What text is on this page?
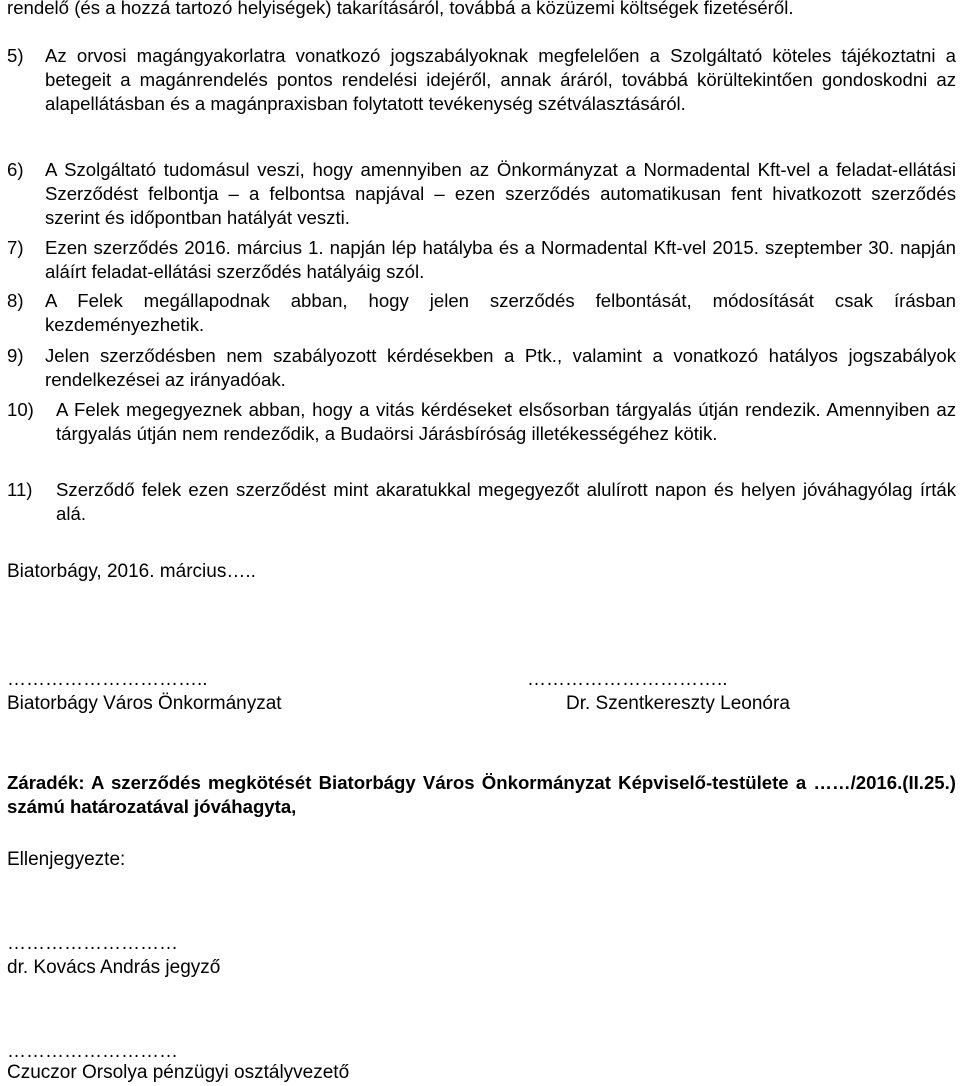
rendelő (és a hozzá tartozó helyiségek) takarításáról, továbbá a közüzemi költségek fizetéséről.
5) Az orvosi magángyakorlatra vonatkozó jogszabályoknak megfelelően a Szolgáltató köteles tájékoztatni a betegeit a magánrendelés pontos rendelési idejéről, annak áráról, továbbá körültekintően gondoskodni az alapellátásban és a magánpraxisban folytatott tevékenység szétválasztásáról.
6) A Szolgáltató tudomásul veszi, hogy amennyiben az Önkormányzat a Normadental Kft-vel a feladat-ellátási Szerződést felbontja – a felbontsa napjával – ezen szerződés automatikusan fent hivatkozott szerződés szerint és időpontban hatályát veszti.
7) Ezen szerződés 2016. március 1. napján lép hatályba és a Normadental Kft-vel 2015. szeptember 30. napján aláírt feladat-ellátási szerződés hatályáig szól.
8) A Felek megállapodnak abban, hogy jelen szerződés felbontását, módosítását csak írásban kezdeményezhetik.
9) Jelen szerződésben nem szabályozott kérdésekben a Ptk., valamint a vonatkozó hatályos jogszabályok rendelkezései az irányadóak.
10) A Felek megegyeznek abban, hogy a vitás kérdéseket elsősorban tárgyalás útján rendezik. Amennyiben az tárgyalás útján nem rendeződik, a Budaörsi Járásbíróság illetékességéhez kötik.
11) Szerződő felek ezen szerződést mint akaratukkal megegyezőt alulírott napon és helyen jóváhagyólag írták alá.
Biatorbágy, 2016. március…..
…………………………..
Biatorbágy Város Önkormányzat
…………………………..
Dr. Szentkereszty Leonóra
Záradék: A szerződés megkötését Biatorbágy Város Önkormányzat Képviselő-testülete a ……/2016.(II.25.) számú határozatával jóváhagyta,
Ellenjegyezte:
………………………
dr. Kovács András jegyző
………………………
Czuczor Orsolya pénzügyi osztályvezető
